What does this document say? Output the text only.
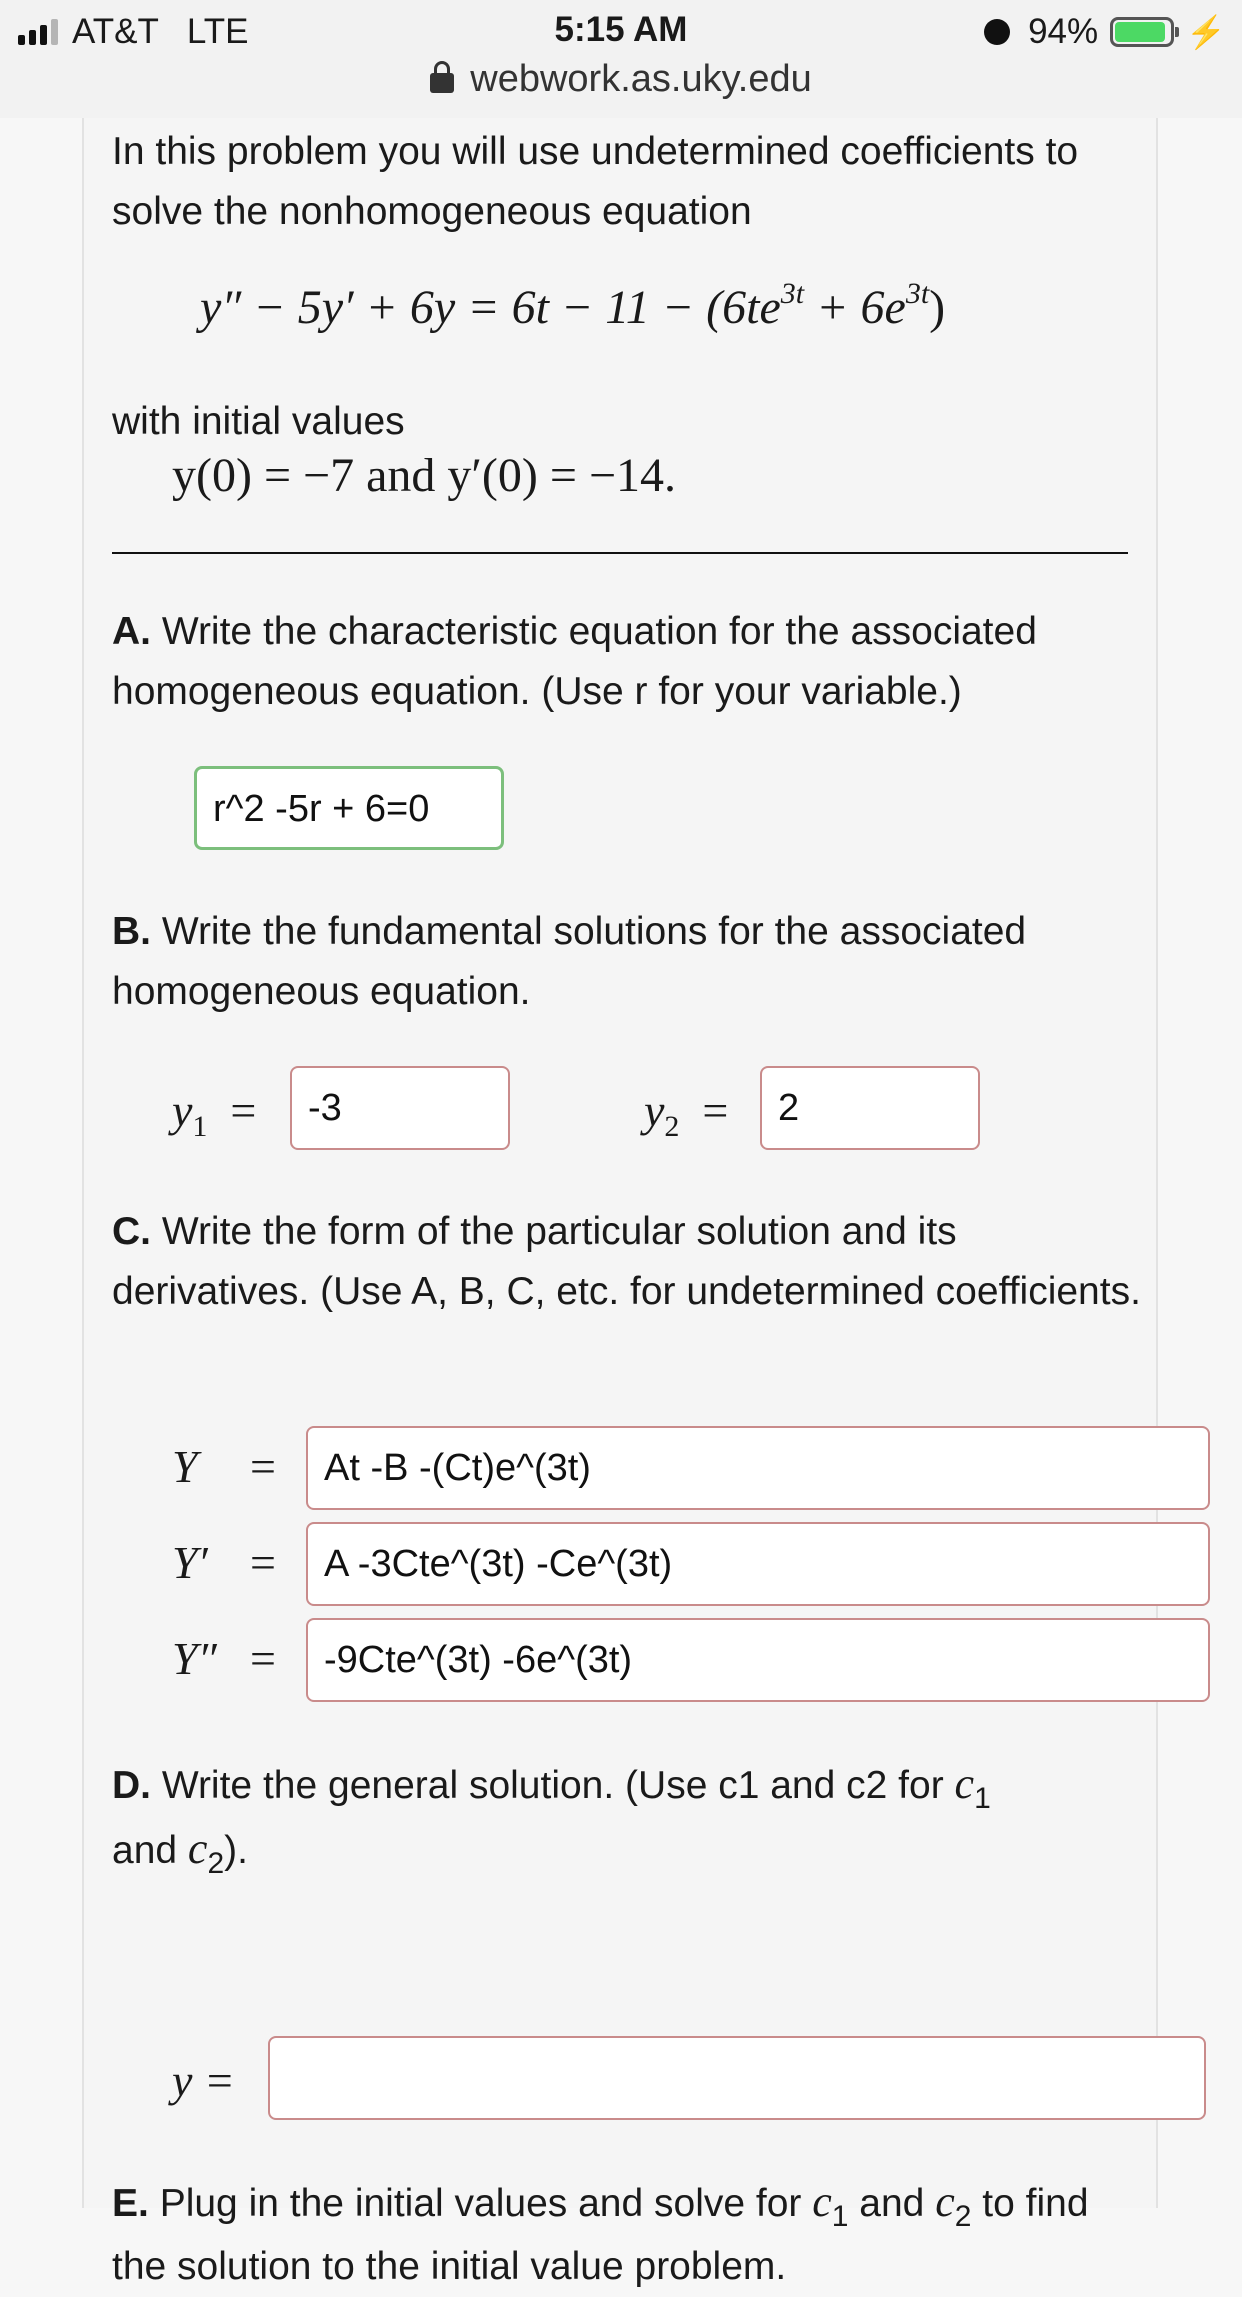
AT&T LTE	5:15 AM	94%	⚡
webwork.as.uky.edu
In this problem you will use undetermined coefficients to solve the nonhomogeneous equation
$y'' - 5y' + 6y = 6t - 11 - (6te^{3t} + 6e^{3t})$
with initial values
y(0) = −7 and y′(0) = −14.
A. Write the characteristic equation for the associated homogeneous equation. (Use r for your variable.)
r^2 -5r + 6=0
B. Write the fundamental solutions for the associated homogeneous equation.
$y_1$ =	-3	$y_2$ =	2
C. Write the form of the particular solution and its derivatives. (Use A, B, C, etc. for undetermined coefficients.
Y =	At -B -(Ct)e^(3t)
Y′ =	A -3Cte^(3t) -Ce^(3t)
Y″ =	-9Cte^(3t) -6e^(3t)
D. Write the general solution. (Use c1 and c2 for $c_1$
and $c_2$).
y =
E. Plug in the initial values and solve for $c_1$ and $c_2$ to find the solution to the initial value problem.
